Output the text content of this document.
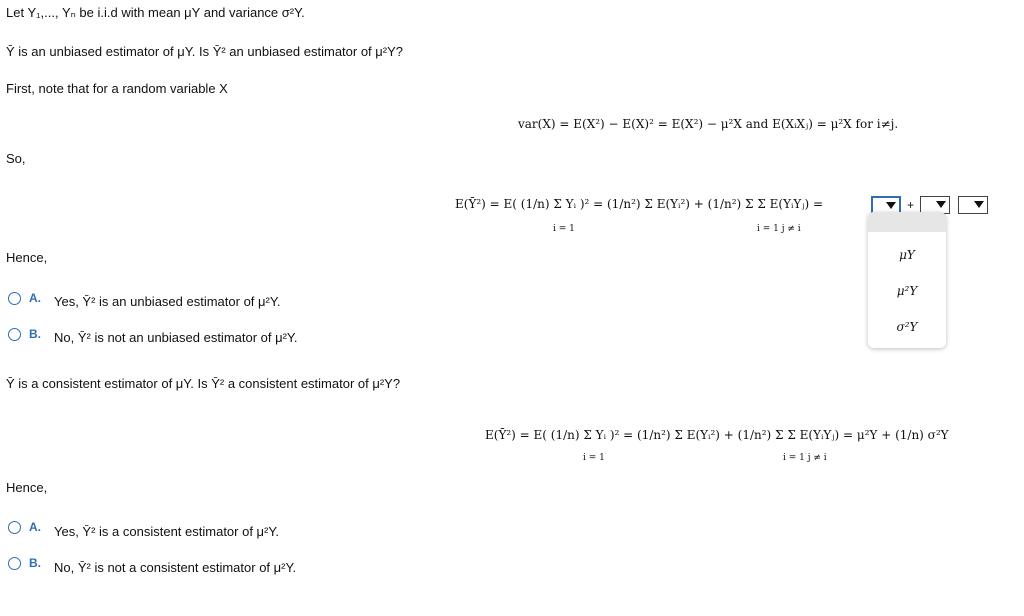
Let Y₁,..., Yₙ be i.i.d with mean μY and variance σ²Y.
Ȳ is an unbiased estimator of μY. Is Ȳ² an unbiased estimator of μ²Y?
First, note that for a random variable X
var(X) = E(X²) − E(X)² = E(X²) − μ²X and E(XᵢXⱼ) = μ²X for i≠j.
So,
E(Ȳ²) = E( (1/n) Σ Yᵢ )² = (1/n²) Σ E(Yᵢ²) + (1/n²) Σ Σ E(YᵢYⱼ) =
i = 1	i = 1 j ≠ i
+
μY
μ²Y
σ²Y
Hence,
A. Yes, Ȳ² is an unbiased estimator of μ²Y.
B. No, Ȳ² is not an unbiased estimator of μ²Y.
Ȳ is a consistent estimator of μY. Is Ȳ² a consistent estimator of μ²Y?
E(Ȳ²) = E( (1/n) Σ Yᵢ )² = (1/n²) Σ E(Yᵢ²) + (1/n²) Σ Σ E(YᵢYⱼ) = μ²Y + (1/n) σ²Y
i = 1	i = 1 j ≠ i
Hence,
A. Yes, Ȳ² is a consistent estimator of μ²Y.
B. No, Ȳ² is not a consistent estimator of μ²Y.
